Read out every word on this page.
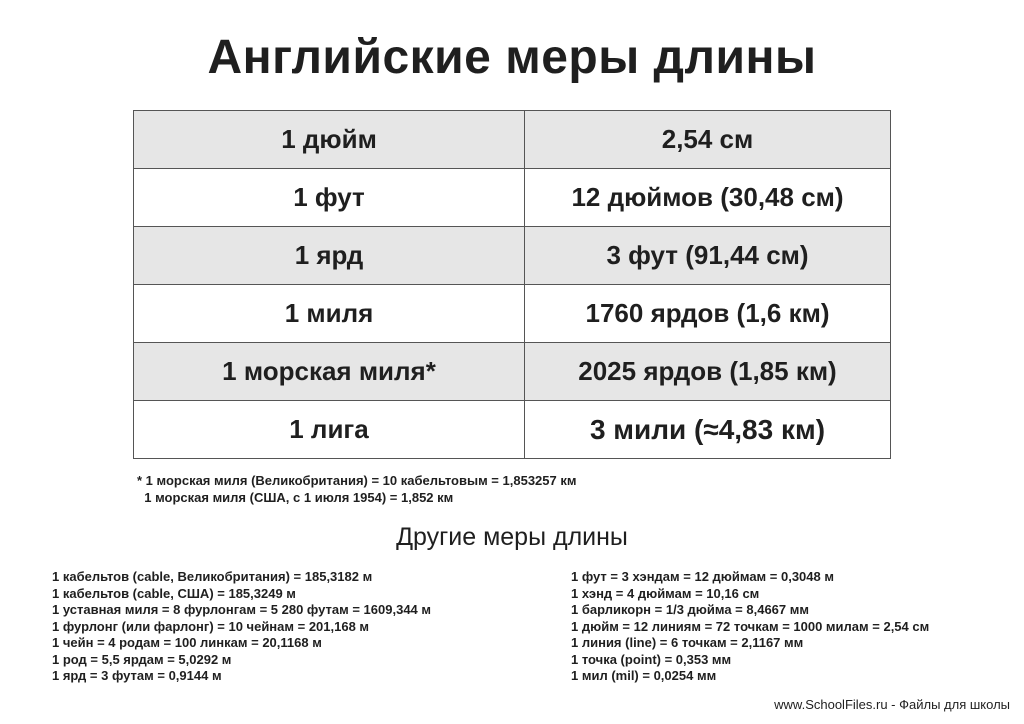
Английские меры длины
1 дюйм	2,54 см
1 фут	12 дюймов (30,48 см)
1 ярд	3 фут (91,44 см)
1 миля	1760 ярдов (1,6 км)
1 морская миля*	2025 ярдов (1,85 км)
1 лига	3 мили (≈4,83 км)
* 1 морская миля (Великобритания) = 10 кабельтовым = 1,853257 км
1 морская миля (США, с 1 июля 1954) = 1,852 км
Другие меры длины
1 кабельтов (cable, Великобритания) = 185,3182 м
1 кабельтов (cable, США) = 185,3249 м
1 уставная миля = 8 фурлонгам = 5 280 футам = 1609,344 м
1 фурлонг (или фарлонг) = 10 чейнам = 201,168 м
1 чейн = 4 родам = 100 линкам = 20,1168 м
1 род = 5,5 ярдам = 5,0292 м
1 ярд = 3 футам = 0,9144 м
1 фут = 3 хэндам = 12 дюймам = 0,3048 м
1 хэнд = 4 дюймам = 10,16 см
1 барликорн = 1/3 дюйма = 8,4667 мм
1 дюйм = 12 линиям = 72 точкам = 1000 милам = 2,54 см
1 линия (line) = 6 точкам = 2,1167 мм
1 точка (point) = 0,353 мм
1 мил (mil) = 0,0254 мм
www.SchoolFiles.ru - Файлы для школы
